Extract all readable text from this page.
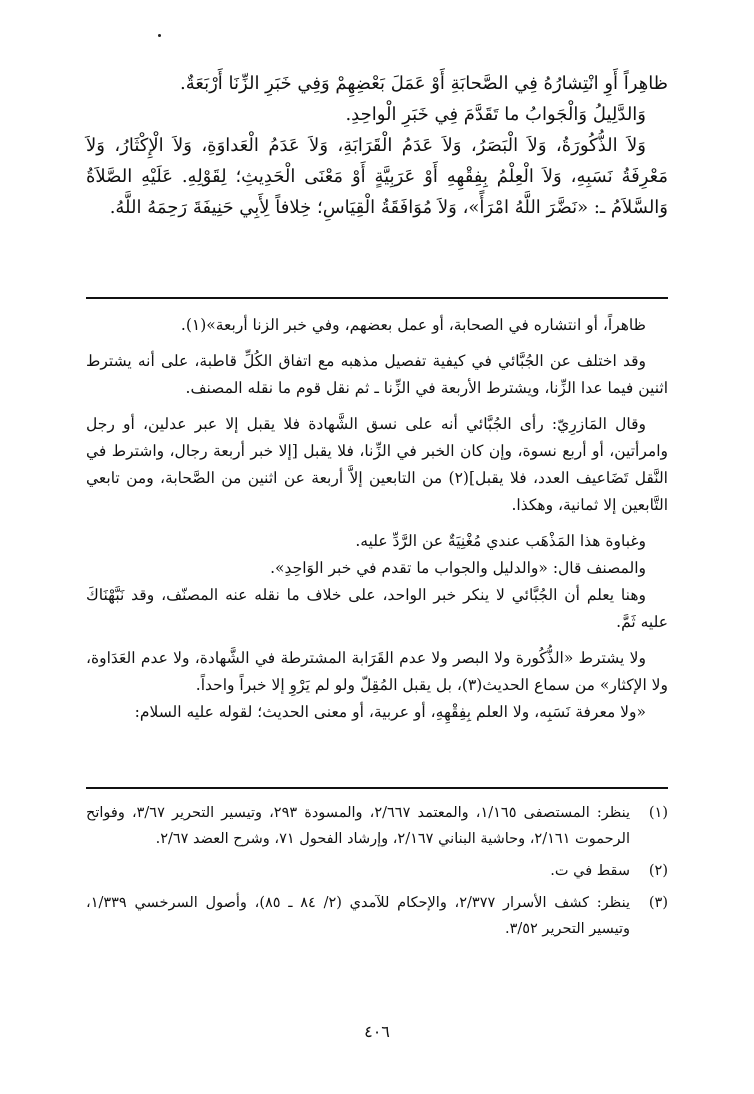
ظاهِراً أَوِ انْتِشارُهُ فِي الصَّحابَةِ أَوْ عَمَلَ بَعْضِهِمْ وَفِي خَبَرِ الزِّنَا أَرْبَعَةٌ.

وَالدَّلِيلُ وَالْجَوابُ ما تَقَدَّمَ فِي خَبَرِ الْواحِدِ.

وَلاَ الذُّكُورَةُ، وَلاَ الْبَصَرُ، وَلاَ عَدَمُ الْقَرَابَةِ، وَلاَ عَدَمُ الْعَداوَةِ، وَلاَ الْإِكْثَارُ، وَلاَ مَعْرِفَةُ نَسَبِهِ، وَلاَ الْعِلْمُ بِفِقْهِهِ أَوْ عَرَبِيَّةٍ أَوْ مَعْنَى الْحَدِيثِ؛ لِقَوْلِهِ. عَلَيْهِ الصَّلاَةُ وَالسَّلاَمُ ـ: «نَضَّرَ اللَّهُ امْرَأً»، وَلاَ مُوَافَقَةُ الْقِيَاسِ؛ خِلافاً لِأَبِي حَنِيفَةَ رَحِمَهُ اللَّهُ.

ظاهراً، أو انتشاره في الصحابة، أو عمل بعضهم، وفي خبر الزنا أربعة»(١).

وقد اختلف عن الجُبَّائي في كيفية تفصيل مذهبه مع اتفاق الكُلِّ قاطبة، على أنه يشترط اثنين فيما عدا الزِّنا، ويشترط الأربعة في الزِّنا ـ ثم نقل قوم ما نقله المصنف.

وقال المَازرِيّ: رأى الجُبَّائي أنه على نسق الشَّهادة فلا يقبل إلا عبر عدلين، أو رجل وامرأتين، أو أربع نسوة، وإن كان الخبر في الزِّنا، فلا يقبل [إلا خبر أربعة رجال، واشترط في النَّقل تَضَاعيف العدد، فلا يقبل](٢) من التابعين إلاَّ أربعة عن اثنين من الصَّحابة، ومن تابعي التَّابعين إلا ثمانية، وهكذا.

وغباوة هذا المَذْهَب عندي مُغْنِيَةٌ عن الرَّدِّ عليه.

والمصنف قال: «والدليل والجواب ما تقدم في خبر الوَاحِدِ».

وهنا يعلم أن الجُبَّائي لا ينكر خبر الواحد، على خلاف ما نقله عنه المصنّف، وقد نَبَّهْنَاكَ عليه ثَمَّ.

ولا يشترط «الذُّكُورة ولا البصر ولا عدم القَرَابة المشترطة في الشَّهادة، ولا عدم العَدَاوة، ولا الإكثار» من سماع الحديث(٣)، بل يقبل المُقِلّ ولو لم يَرْوِ إلا خبراً واحداً.

«ولا معرفة نَسَبِه، ولا العلم بِفِقْهِهِ، أو عربية، أو معنى الحديث؛ لقوله عليه السلام:

(١)
ينظر: المستصفى ١/١٦٥، والمعتمد ٢/٦٦٧، والمسودة ٢٩٣، وتيسير التحرير ٣/٦٧، وفواتح الرحموت ٢/١٦١، وحاشية البناني ٢/١٦٧، وإرشاد الفحول ٧١، وشرح العضد ٢/٦٧.
(٢)
سقط في ت.
(٣)
ينظر: كشف الأسرار ٢/٣٧٧، والإحكام للآمدي (٢/ ٨٤ ـ ٨٥)، وأصول السرخسي ١/٣٣٩، وتيسير التحرير ٣/٥٢.
٤٠٦
